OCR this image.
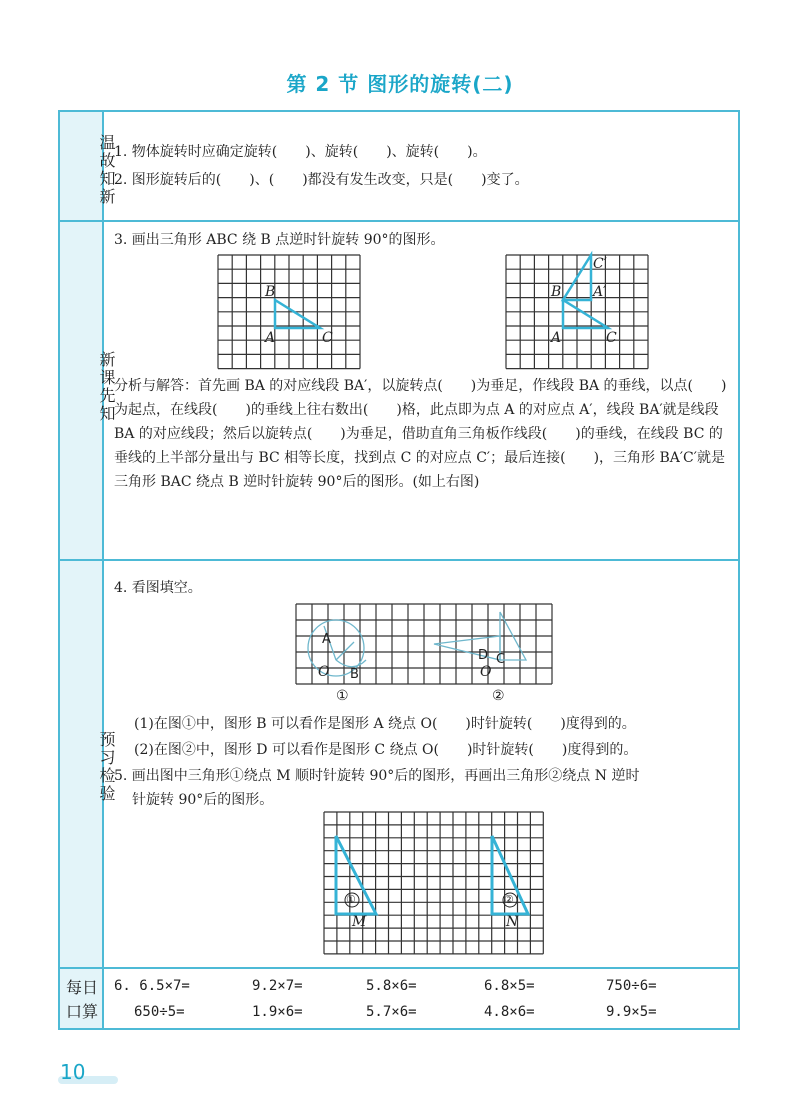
第 2 节 图形的旋转(二)
温故知新
新课先知
预习检验
每日
口算
1. 物体旋转时应确定旋转(　　)、旋转(　　)、旋转(　　)。
2. 图形旋转后的(　　)、(　　)都没有发生改变，只是(　　)变了。
3. 画出三角形 ABC 绕 B 点逆时针旋转 90°的图形。
B
A	C
B
A	C
A′
C′
分析与解答：首先画 BA 的对应线段 BA′，以旋转点(　　)为垂足，作线段 BA 的垂线，以点(　　)为起点，在线段(　　)的垂线上往右数出(　　)格，此点即为点 A 的对应点 A′，线段 BA′就是线段 BA 的对应线段；然后以旋转点(　　)为垂足，借助直角三角板作线段(　　)的垂线，在线段 BC 的垂线的上半部分量出与 BC 相等长度，找到点 C 的对应点 C′；最后连接(　　)，三角形 BA′C′就是三角形 BAC 绕点 B 逆时针旋转 90°后的图形。(如上右图)
4. 看图填空。
A
O B
①
D C
O
②
(1)在图①中，图形 B 可以看作是图形 A 绕点 O(　　)时针旋转(　　)度得到的。
(2)在图②中，图形 D 可以看作是图形 C 绕点 O(　　)时针旋转(　　)度得到的。
5. 画出图中三角形①绕点 M 顺时针旋转 90°后的图形，再画出三角形②绕点 N 逆时
针旋转 90°后的图形。
①	②
M	N
6. 6.5×7=	9.2×7=	5.8×6=	6.8×5=	750÷6=
650÷5=	1.9×6=	5.7×6=	4.8×6=	9.9×5=
10
